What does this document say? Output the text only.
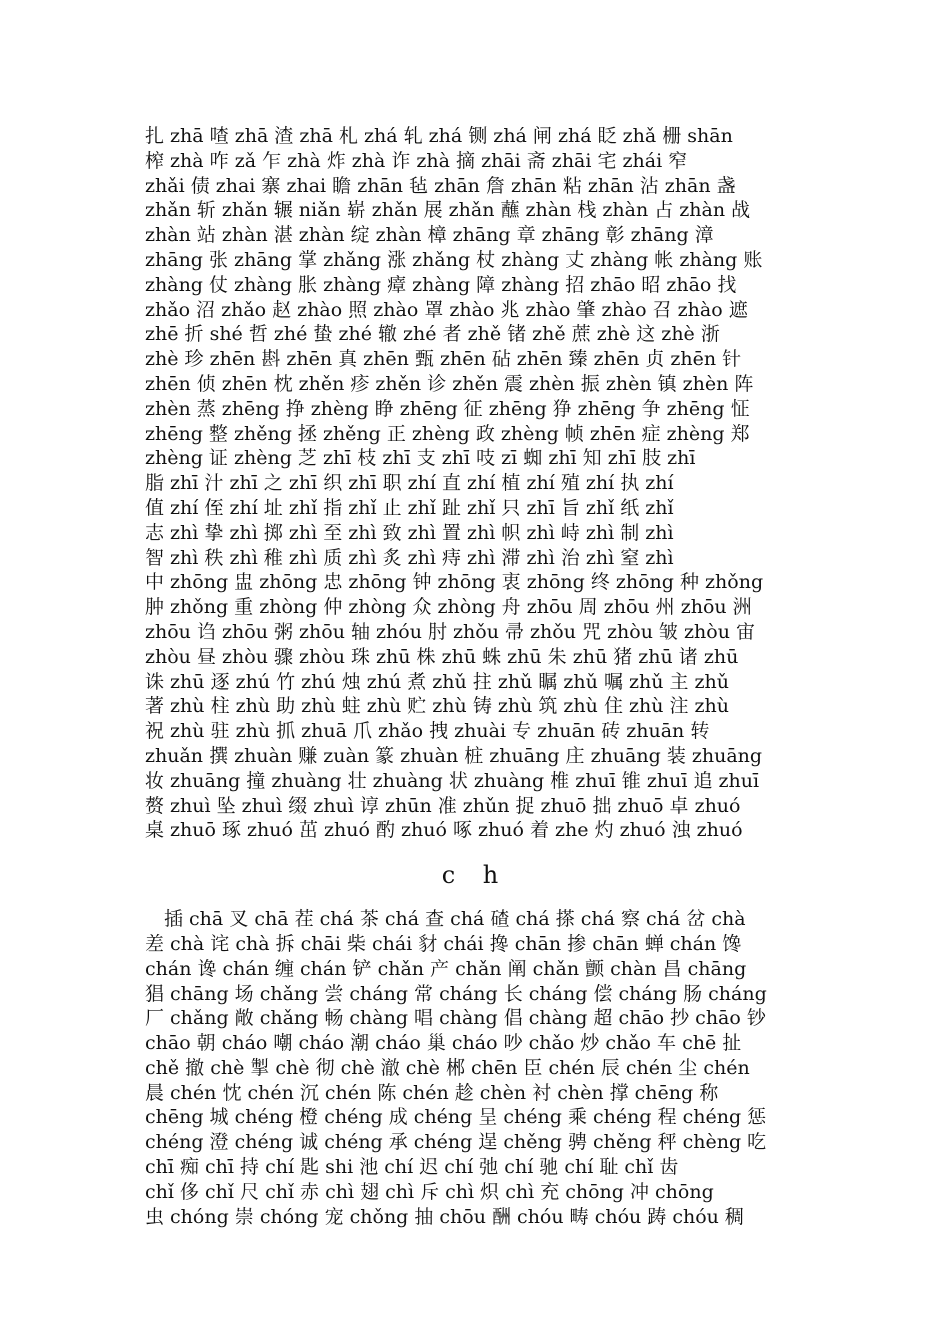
扎 zhā 喳 zhā 渣 zhā 札 zhá 轧 zhá 铡 zhá 闸 zhá 眨 zhǎ 栅 shān
榨 zhà 咋 zǎ 乍 zhà 炸 zhà 诈 zhà 摘 zhāi 斋 zhāi 宅 zhái 窄
zhǎi 债 zhai 寨 zhai 瞻 zhān 毡 zhān 詹 zhān 粘 zhān 沾 zhān 盏
zhǎn 斩 zhǎn 辗 niǎn 崭 zhǎn 展 zhǎn 蘸 zhàn 栈 zhàn 占 zhàn 战
zhàn 站 zhàn 湛 zhàn 绽 zhàn 樟 zhāng 章 zhāng 彰 zhāng 漳
zhāng 张 zhāng 掌 zhǎng 涨 zhǎng 杖 zhàng 丈 zhàng 帐 zhàng 账
zhàng 仗 zhàng 胀 zhàng 瘴 zhàng 障 zhàng 招 zhāo 昭 zhāo 找
zhǎo 沼 zhǎo 赵 zhào 照 zhào 罩 zhào 兆 zhào 肇 zhào 召 zhào 遮
zhē 折 shé 哲 zhé 蛰 zhé 辙 zhé 者 zhě 锗 zhě 蔗 zhè 这 zhè 浙
zhè 珍 zhēn 斟 zhēn 真 zhēn 甄 zhēn 砧 zhēn 臻 zhēn 贞 zhēn 针
zhēn 侦 zhēn 枕 zhěn 疹 zhěn 诊 zhěn 震 zhèn 振 zhèn 镇 zhèn 阵
zhèn 蒸 zhēng 挣 zhèng 睁 zhēng 征 zhēng 狰 zhēng 争 zhēng 怔
zhēng 整 zhěng 拯 zhěng 正 zhèng 政 zhèng 帧 zhēn 症 zhèng 郑
zhèng 证 zhèng 芝 zhī 枝 zhī 支 zhī 吱 zī 蜘 zhī 知 zhī 肢 zhī
脂 zhī 汁 zhī 之 zhī 织 zhī 职 zhí 直 zhí 植 zhí 殖 zhí 执 zhí
值 zhí 侄 zhí 址 zhǐ 指 zhǐ 止 zhǐ 趾 zhǐ 只 zhī 旨 zhǐ 纸 zhǐ
志 zhì 挚 zhì 掷 zhì 至 zhì 致 zhì 置 zhì 帜 zhì 峙 zhì 制 zhì
智 zhì 秩 zhì 稚 zhì 质 zhì 炙 zhì 痔 zhì 滞 zhì 治 zhì 窒 zhì
中 zhōng 盅 zhōng 忠 zhōng 钟 zhōng 衷 zhōng 终 zhōng 种 zhǒng
肿 zhǒng 重 zhòng 仲 zhòng 众 zhòng 舟 zhōu 周 zhōu 州 zhōu 洲
zhōu 诌 zhōu 粥 zhōu 轴 zhóu 肘 zhǒu 帚 zhǒu 咒 zhòu 皱 zhòu 宙
zhòu 昼 zhòu 骤 zhòu 珠 zhū 株 zhū 蛛 zhū 朱 zhū 猪 zhū 诸 zhū
诛 zhū 逐 zhú 竹 zhú 烛 zhú 煮 zhǔ 拄 zhǔ 瞩 zhǔ 嘱 zhǔ 主 zhǔ
著 zhù 柱 zhù 助 zhù 蛀 zhù 贮 zhù 铸 zhù 筑 zhù 住 zhù 注 zhù
祝 zhù 驻 zhù 抓 zhuā 爪 zhǎo 拽 zhuài 专 zhuān 砖 zhuān 转
zhuǎn 撰 zhuàn 赚 zuàn 篆 zhuàn 桩 zhuāng 庄 zhuāng 装 zhuāng
妆 zhuāng 撞 zhuàng 壮 zhuàng 状 zhuàng 椎 zhuī 锥 zhuī 追 zhuī
赘 zhuì 坠 zhuì 缀 zhuì 谆 zhūn 准 zhǔn 捉 zhuō 拙 zhuō 卓 zhuó
桌 zhuō 琢 zhuó 茁 zhuó 酌 zhuó 啄 zhuó 着 zhe 灼 zhuó 浊 zhuó
c h
　插 chā 叉 chā 茬 chá 茶 chá 查 chá 碴 chá 搽 chá 察 chá 岔 chà
差 chà 诧 chà 拆 chāi 柴 chái 豺 chái 搀 chān 掺 chān 蝉 chán 馋
chán 谗 chán 缠 chán 铲 chǎn 产 chǎn 阐 chǎn 颤 chàn 昌 chāng
猖 chāng 场 chǎng 尝 cháng 常 cháng 长 cháng 偿 cháng 肠 cháng
厂 chǎng 敞 chǎng 畅 chàng 唱 chàng 倡 chàng 超 chāo 抄 chāo 钞
chāo 朝 cháo 嘲 cháo 潮 cháo 巢 cháo 吵 chǎo 炒 chǎo 车 chē 扯
chě 撤 chè 掣 chè 彻 chè 澈 chè 郴 chēn 臣 chén 辰 chén 尘 chén
晨 chén 忱 chén 沉 chén 陈 chén 趁 chèn 衬 chèn 撑 chēng 称
chēng 城 chéng 橙 chéng 成 chéng 呈 chéng 乘 chéng 程 chéng 惩
chéng 澄 chéng 诚 chéng 承 chéng 逞 chěng 骋 chěng 秤 chèng 吃
chī 痴 chī 持 chí 匙 shi 池 chí 迟 chí 弛 chí 驰 chí 耻 chǐ 齿
chǐ 侈 chǐ 尺 chǐ 赤 chì 翅 chì 斥 chì 炽 chì 充 chōng 冲 chōng
虫 chóng 崇 chóng 宠 chǒng 抽 chōu 酬 chóu 畴 chóu 踌 chóu 稠
